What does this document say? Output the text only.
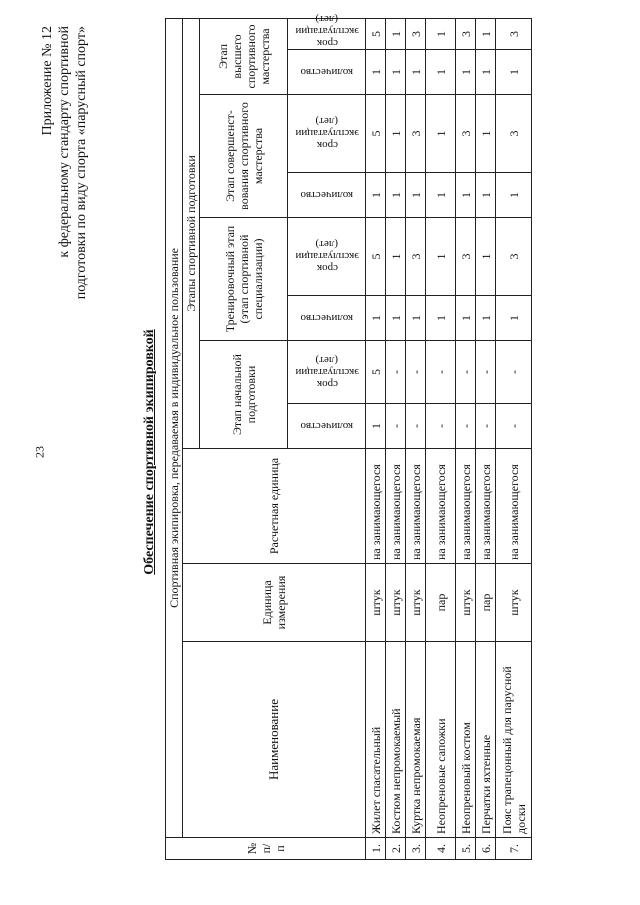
23
Приложение № 12 к федеральному стандарту спортивной подготовки по виду спорта «парусный спорт»
Обеспечение спортивной экипировкой
№ п/п	Спортивная экипировка, передаваемая в индивидуальное пользование										
	Наименование	Единица измерения	Расчетная единица	Этапы спортивной подготовки							
				Этап начальной подготовки		Тренировочный этап (этап спортивной специализации)		Этап совершенст- вования спортивного мастерства		Этап высшего спортивного мастерства	

				количество	срок эксплуатации (лет)	количество	срок эксплуатации (лет)	количество	срок эксплуатации (лет)	количество	срок эксплуатации (лет)

1.	Жилет спасательный	штук	на занимающегося	1	5	1	5	1	5	1	5
2.	Костюм непромокаемый	штук	на занимающегося	-	-	1	1	1	1	1	1
3.	Куртка непромокаемая	штук	на занимающегося	-	-	1	3	1	3	1	3
4.	Неопреновые сапожки	пар	на занимающегося	-	-	1	1	1	1	1	1
5.	Неопреновый костюм	штук	на занимающегося	-	-	1	3	1	3	1	3
6.	Перчатки яхтенные	пар	на занимающегося	-	-	1	1	1	1	1	1
7.	Пояс трапецонный для парусной доски	штук	на занимающегося	-	-	1	3	1	3	1	3
